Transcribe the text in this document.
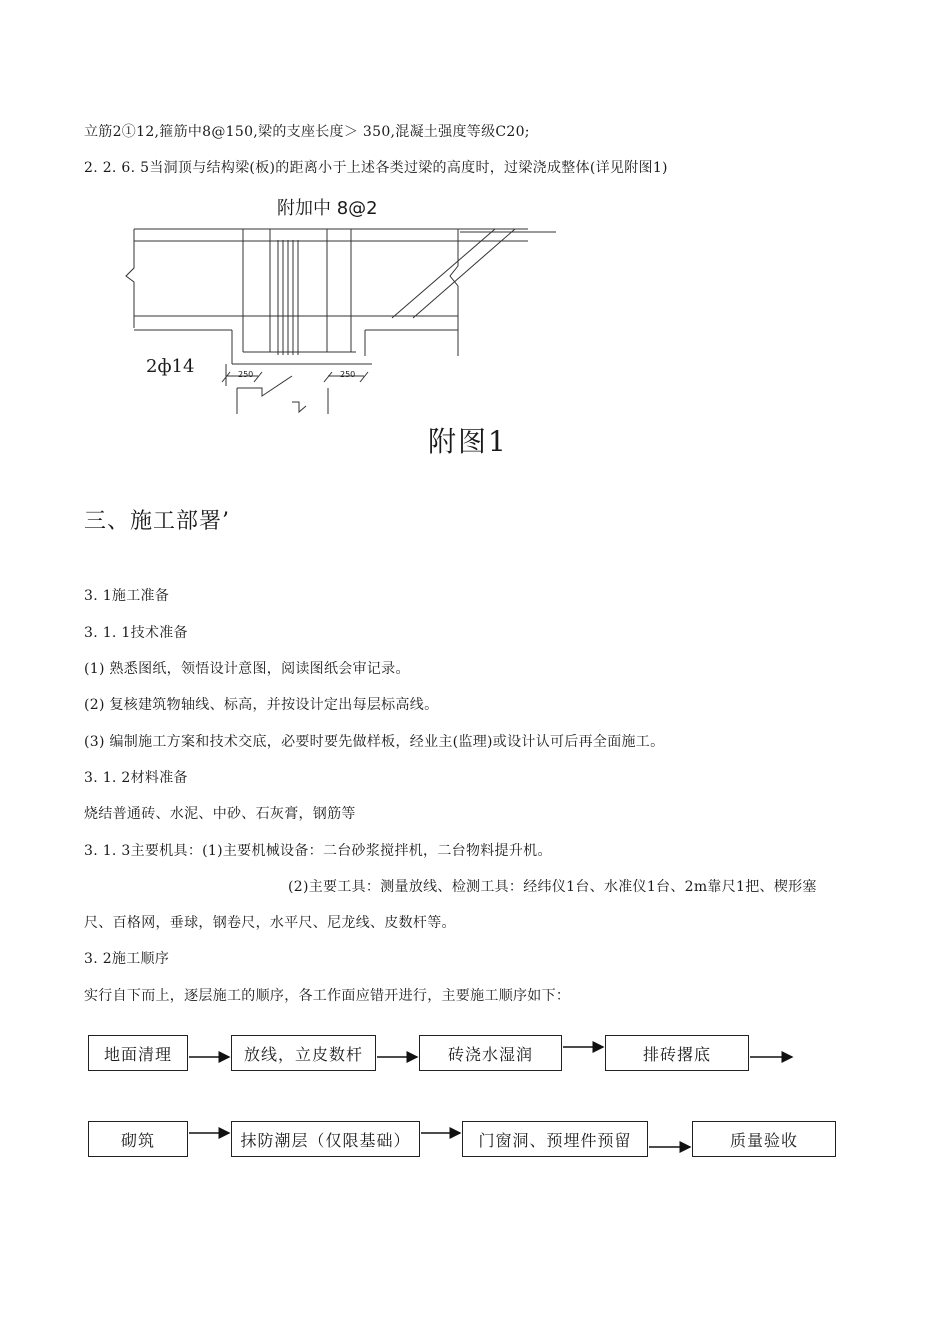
立筋2①12,箍筋中8@150,梁的支座长度＞ 350,混凝土强度等级C20;
2. 2. 6. 5当洞顶与结构梁(板)的距离小于上述各类过梁的高度时，过梁浇成整体(详见附图1)
附加中 8@2
2ф14	250	250
附图1
三、施工部署’
3. 1施工准备
3. 1. 1技术准备
(1) 熟悉图纸，领悟设计意图，阅读图纸会审记录。
(2) 复核建筑物轴线、标高，并按设计定出每层标高线。
(3) 编制施工方案和技术交底，必要时要先做样板，经业主(监理)或设计认可后再全面施工。
3. 1. 2材料准备
烧结普通砖、水泥、中砂、石灰膏，钢筋等
3. 1. 3主要机具：(1)主要机械设备：二台砂浆搅拌机，二台物料提升机。
(2)主要工具：测量放线、检测工具：经纬仪1台、水准仪1台、2m靠尺1把、楔形塞
尺、百格网，垂球，钢卷尺，水平尺、尼龙线、皮数杆等。
3. 2施工顺序
实行自下而上，逐层施工的顺序，各工作面应错开进行，主要施工顺序如下：
地面清理	放线，立皮数杆	砖浇水湿润	排砖撂底
砌筑	抹防潮层（仅限基础）	门窗洞、预埋件预留	质量验收
